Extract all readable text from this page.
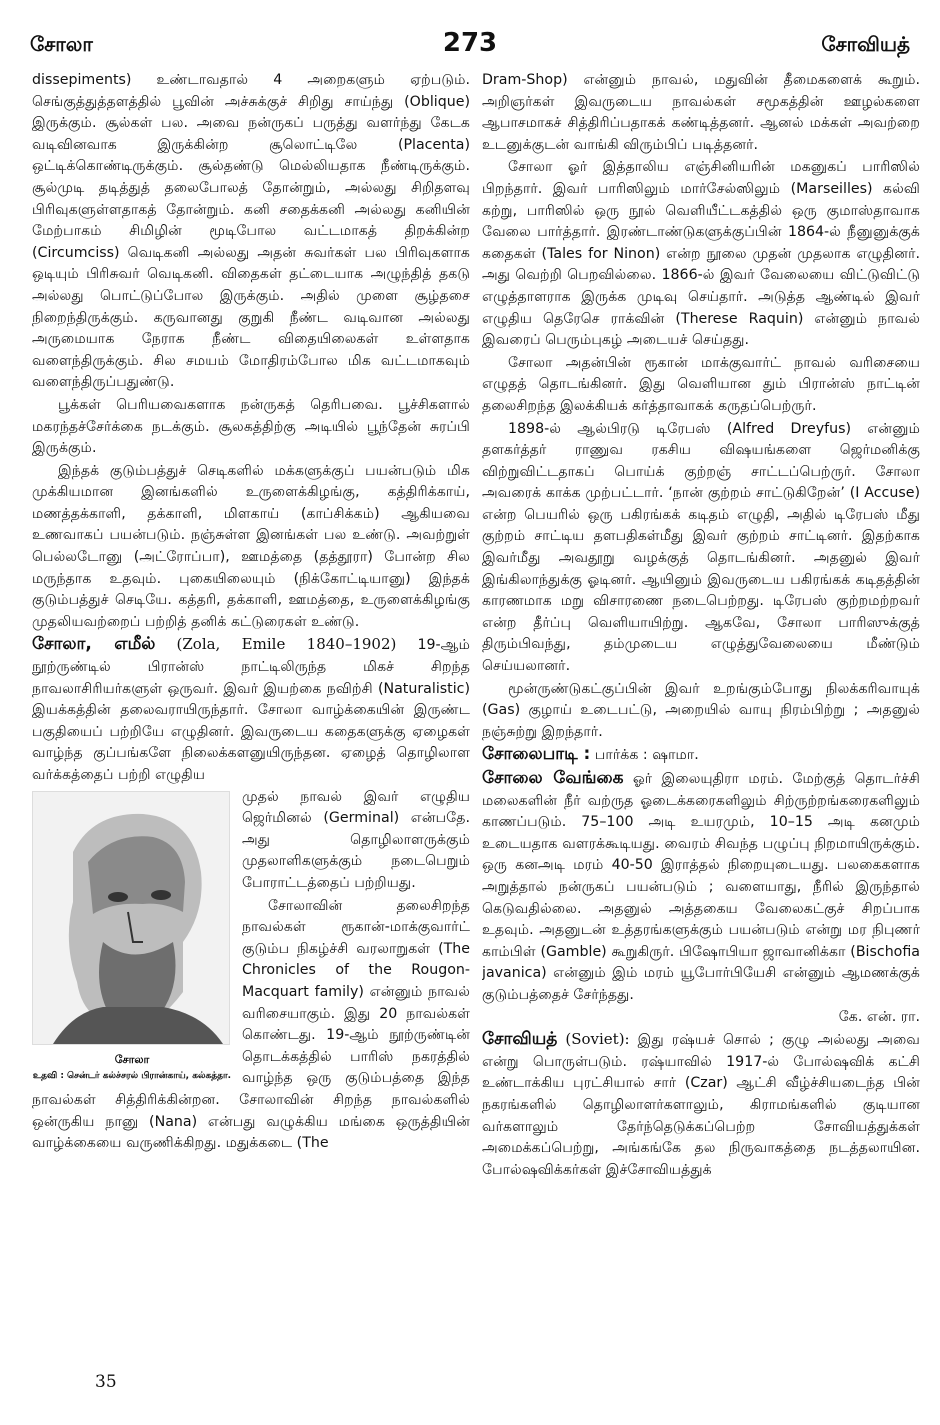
சோலா	273	சோவியத்

dissepiments) உண்டாவதால் 4 அறைகளும் ஏற்படும். செங்குத்துத்தளத்தில் பூவின் அச்சுக்குச் சிறிது சாய்ந்து (Oblique) இருக்கும். சூல்கள் பல. அவை நன்ருகப் பருத்து வளர்ந்து கேடக வடிவினவாக இருக்கின்ற சூலொட்டிலே (Placenta) ஒட்டிக்கொண்டிருக்கும். சூல்தண்டு மெல்லியதாக நீண்டிருக்கும். சூல்முடி தடித்துத் தலைபோலத் தோன்றும், அல்லது சிறிதளவு பிரிவுகளுள்ளதாகத் தோன்றும். கனி சதைக்கனி அல்லது கனியின் மேற்பாகம் சிமிழின் மூடிபோல வட்டமாகத் திறக்கின்ற (Circumciss) வெடிகனி அல்லது அதன் சுவர்கள் பல பிரிவுகளாக ஒடியும் பிரிசுவர் வெடிகனி. விதைகள் தட்டையாக அழுந்தித் தகடு அல்லது பொட்டுப்போல இருக்கும். அதில் முளை சூழ்தசை நிறைந்திருக்கும். கருவானது குறுகி நீண்ட வடிவான அல்லது அருமையாக நேராக நீண்ட விதையிலைகள் உள்ளதாக வளைந்திருக்கும். சில சமயம் மோதிரம்போல மிக வட்டமாகவும் வளைந்திருப்பதுண்டு.

பூக்கள் பெரியவைகளாக நன்ருகத் தெரிபவை. பூச்சிகளால் மகரந்தச்சேர்க்கை நடக்கும். சூலகத்திற்கு அடியில் பூந்தேன் சுரப்பி இருக்கும்.

இந்தக் குடும்பத்துச் செடிகளில் மக்களுக்குப் பயன்படும் மிக முக்கியமான இனங்களில் உருளைக்கிழங்கு, கத்திரிக்காய், மணத்தக்காளி, தக்காளி, மிளகாய் (காப்சிக்கம்) ஆகியவை உணவாகப் பயன்படும். நஞ்சுள்ள இனங்கள் பல உண்டு. அவற்றுள் பெல்லடோனு (அட்ரோப்பா), ஊமத்தை (தத்தூரா) போன்ற சில மருந்தாக உதவும். புகையிலையும் (நிக்கோட்டியானு) இந்தக் குடும்பத்துச் செடியே. கத்தரி, தக்காளி, ஊமத்தை, உருளைக்கிழங்கு முதலியவற்றைப் பற்றித் தனிக் கட்டுரைகள் உண்டு.

சோலா, எமீல் (Zola, Emile 1840–1902) 19-ஆம் நூற்ருண்டில் பிரான்ஸ் நாட்டிலிருந்த மிகச் சிறந்த நாவலாசிரியர்களுள் ஒருவர். இவர் இயற்கை நவிற்சி (Naturalistic) இயக்கத்தின் தலைவராயிருந்தார். சோலா வாழ்க்கையின் இருண்ட பகுதியைப் பற்றியே எழுதினர். இவருடைய கதைகளுக்கு ஏழைகள் வாழ்ந்த குப்பங்களே நிலைக்களனுயிருந்தன. ஏழைத் தொழிலாள வர்க்கத்தைப் பற்றி எழுதிய

சோலா
உதவி : சென்டர் கல்ச்சரல் பிரான்காய், கல்கத்தா.

முதல் நாவல் இவர் எழுதிய ஜெர்மினல் (Germinal) என்பதே. அது தொழிலாளருக்கும் முதலாளிகளுக்கும் நடைபெறும் போராட்டத்தைப் பற்றியது.

சோலாவின் தலைசிறந்த நாவல்கள் ரூகான்-மாக்குவார்ட் குடும்ப நிகழ்ச்சி வரலாறுகள் (The Chronicles of the Rougon-Macquart family) என்னும் நாவல் வரிசையாகும். இது 20 நாவல்கள் கொண்டது. 19-ஆம் நூற்ருண்டின் தொடக்கத்தில் பாரிஸ் நகரத்தில் வாழ்ந்த ஒரு குடும்பத்தை இந்த நாவல்கள் சித்திரிக்கின்றன. சோலாவின் சிறந்த நாவல்களில் ஒன்ருகிய நானு (Nana) என்பது வழுக்கிய மங்கை ஒருத்தியின் வாழ்க்கையை வருணிக்கிறது. மதுக்கடை (The

Dram-Shop) என்னும் நாவல், மதுவின் தீமைகளைக் கூறும். அறிஞர்கள் இவருடைய நாவல்கள் சமூகத்தின் ஊழல்களை ஆபாசமாகச் சித்திரிப்பதாகக் கண்டித்தனர். ஆனல் மக்கள் அவற்றை உடனுக்குடன் வாங்கி விரும்பிப் படித்தனர்.

சோலா ஓர் இத்தாலிய எஞ்சினியரின் மகனுகப் பாரிஸில் பிறந்தார். இவர் பாரிஸிலும் மார்சேல்ஸிலும் (Marseilles) கல்வி கற்று, பாரிஸில் ஒரு நூல் வெளியீட்டகத்தில் ஒரு குமாஸ்தாவாக வேலை பார்த்தார். இரண்டாண்டுகளுக்குப்பின் 1864-ல் நீனுனுக்குக் கதைகள் (Tales for Ninon) என்ற நூலை முதன் முதலாக எழுதினர். அது வெற்றி பெறவில்லை. 1866-ல் இவர் வேலையை விட்டுவிட்டு எழுத்தாளராக இருக்க முடிவு செய்தார். அடுத்த ஆண்டில் இவர் எழுதிய தெரேசெ ராக்வின் (Therese Raquin) என்னும் நாவல் இவரைப் பெரும்புகழ் அடையச் செய்தது.

சோலா அதன்பின் ரூகான் மாக்குவார்ட் நாவல் வரிசையை எழுதத் தொடங்கினர். இது வெளியான தும் பிரான்ஸ் நாட்டின் தலைசிறந்த இலக்கியக் கர்த்தாவாகக் கருதப்பெற்ருர்.

1898-ல் ஆல்பிரடு டிரேபஸ் (Alfred Dreyfus) என்னும் தளகர்த்தர் ராணுவ ரகசிய விஷயங்களை ஜெர்மனிக்கு விற்றுவிட்டதாகப் பொய்க் குற்றஞ் சாட்டப்பெற்ருர். சோலா அவரைக் காக்க முற்பட்டார். ‘நான் குற்றம் சாட்டுகிறேன்’ (I Accuse) என்ற பெயரில் ஒரு பகிரங்கக் கடிதம் எழுதி, அதில் டிரேபஸ் மீது குற்றம் சாட்டிய தளபதிகள்மீது இவர் குற்றம் சாட்டினர். இதற்காக இவர்மீது அவதூறு வழக்குத் தொடங்கினர். அதனுல் இவர் இங்கிலாந்துக்கு ஓடினர். ஆயினும் இவருடைய பகிரங்கக் கடிதத்தின் காரணமாக மறு விசாரணை நடைபெற்றது. டிரேபஸ் குற்றமற்றவர் என்ற தீர்ப்பு வெளியாயிற்று. ஆகவே, சோலா பாரிஸுக்குத் திரும்பிவந்து, தம்முடைய எழுத்துவேலையை மீண்டும் செய்யலானர்.

மூன்ருண்டுகட்குப்பின் இவர் உறங்கும்போது நிலக்கரிவாயுக் (Gas) குழாய் உடைபட்டு, அறையில் வாயு நிரம்பிற்று ; அதனுல் நஞ்சுற்று இறந்தார்.

சோலைபாடி : பார்க்க : ஷாமா.

சோலை வேங்கை ஓர் இலையுதிரா மரம். மேற்குத் தொடர்ச்சி மலைகளின் நீர் வற்ருத ஓடைக்கரைகளிலும் சிற்ருற்றங்கரைகளிலும் காணப்படும். 75–100 அடி உயரமும், 10–15 அடி கனமும் உடையதாக வளரக்கூடியது. வைரம் சிவந்த பழுப்பு நிறமாயிருக்கும். ஒரு கனஅடி மரம் 40-50 இராத்தல் நிறையுடையது. பலகைகளாக அறுத்தால் நன்ருகப் பயன்படும் ; வளையாது, நீரில் இருந்தால் கெடுவதில்லை. அதனுல் அத்தகைய வேலைகட்குச் சிறப்பாக உதவும். அதனுடன் உத்தரங்களுக்கும் பயன்படும் என்று மர நிபுணர் காம்பிள் (Gamble) கூறுகிருர். பிஷோபியா ஜாவானிக்கா (Bischofia javanica) என்னும் இம் மரம் யூபோர்பியேசி என்னும் ஆமணக்குக் குடும்பத்தைச் சேர்ந்தது.
கே. என். ரா.

சோவியத் (Soviet): இது ரஷ்யச் சொல் ; குழு அல்லது அவை என்று பொருள்படும். ரஷ்யாவில் 1917-ல் போல்ஷவிக் கட்சி உண்டாக்கிய புரட்சியால் சார் (Czar) ஆட்சி வீழ்ச்சியடைந்த பின் நகரங்களில் தொழிலாளர்களாலும், கிராமங்களில் குடியான வர்களாலும் தேர்ந்தெடுக்கப்பெற்ற சோவியத்துக்கள் அமைக்கப்பெற்று, அங்கங்கே தல நிருவாகத்தை நடத்தலாயின. போல்ஷவிக்கர்கள் இச்சோவியத்துக்

35
